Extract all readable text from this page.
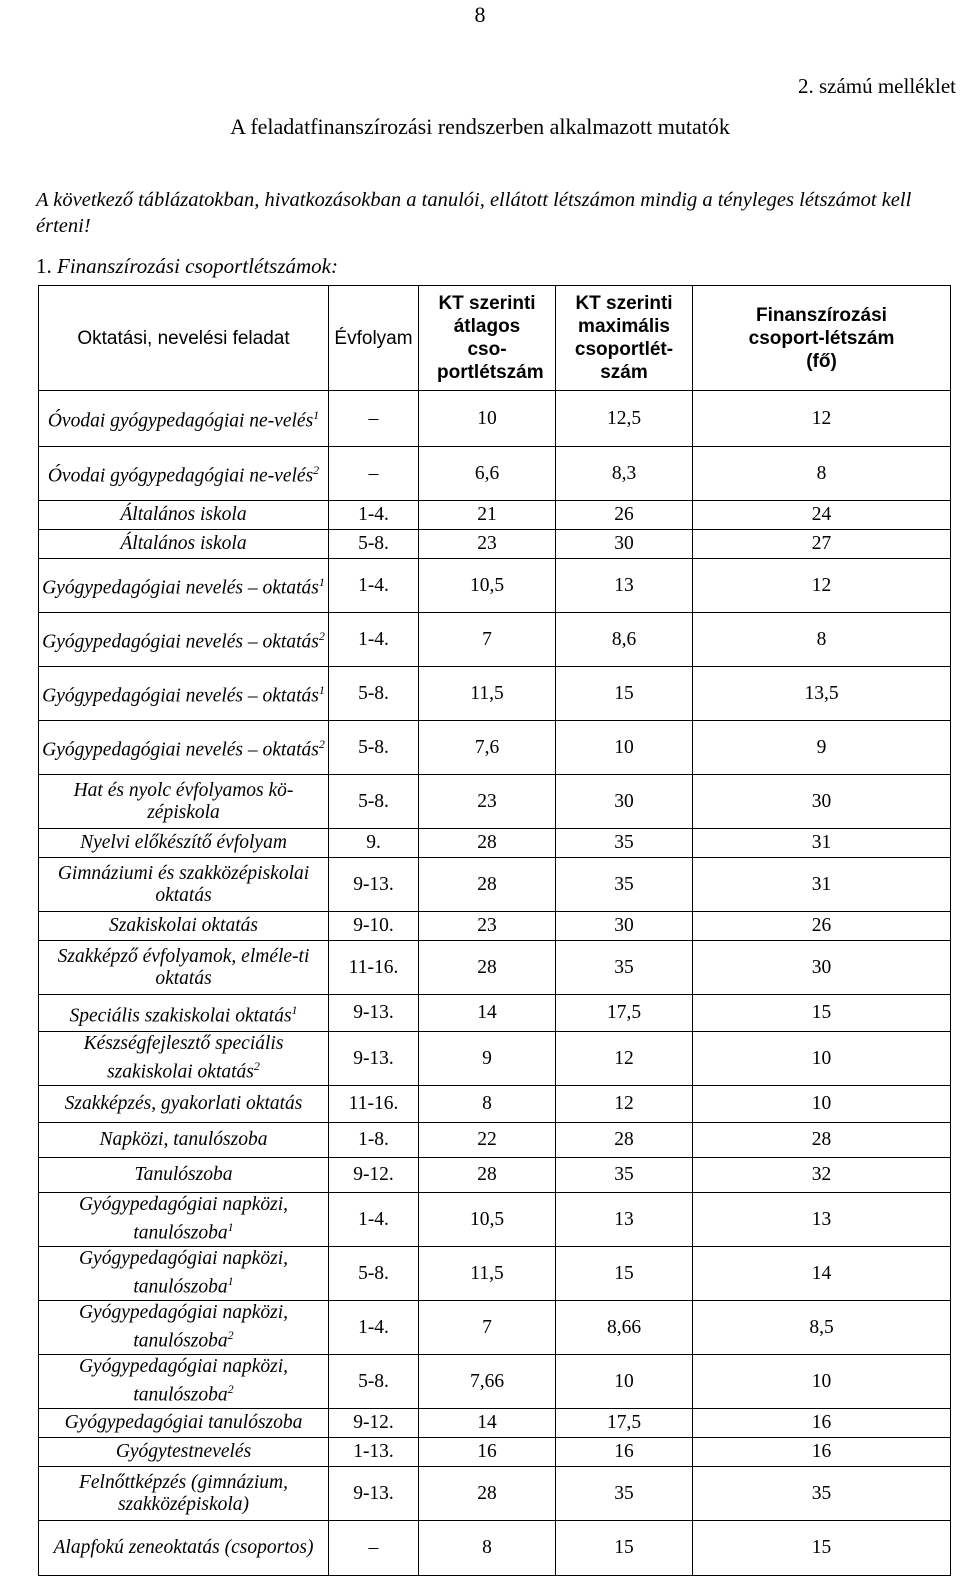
8
2. számú melléklet
A feladatfinanszírozási rendszerben alkalmazott mutatók
A következő táblázatokban, hivatkozásokban a tanulói, ellátott létszámon mindig a tényleges létszámot kell érteni!
1. Finanszírozási csoportlétszámok:
Oktatási, nevelési feladat	Évfolyam	KT szerinti átlagos cso-portlétszám	KT szerinti maximális csoportlét-szám	Finanszírozási csoport-létszám (fő)
Óvodai gyógypedagógiai ne-velés$^1$	–	10	12,5	12
Óvodai gyógypedagógiai ne-velés$^2$	–	6,6	8,3	8
Általános iskola	1-4.	21	26	24
Általános iskola	5-8.	23	30	27
Gyógypedagógiai nevelés – oktatás$^1$	1-4.	10,5	13	12
Gyógypedagógiai nevelés – oktatás$^2$	1-4.	7	8,6	8
Gyógypedagógiai nevelés – oktatás$^1$	5-8.	11,5	15	13,5
Gyógypedagógiai nevelés – oktatás$^2$	5-8.	7,6	10	9
Hat és nyolc évfolyamos kö-zépiskola	5-8.	23	30	30
Nyelvi előkészítő évfolyam	9.	28	35	31
Gimnáziumi és szakközépiskolai oktatás	9-13.	28	35	31
Szakiskolai oktatás	9-10.	23	30	26
Szakképző évfolyamok, elméle-ti oktatás	11-16.	28	35	30
Speciális szakiskolai oktatás$^1$	9-13.	14	17,5	15
Készségfejlesztő speciális szakiskolai oktatás$^2$	9-13.	9	12	10
Szakképzés, gyakorlati oktatás	11-16.	8	12	10
Napközi, tanulószoba	1-8.	22	28	28
Tanulószoba	9-12.	28	35	32
Gyógypedagógiai napközi, tanulószoba$^1$	1-4.	10,5	13	13
Gyógypedagógiai napközi, tanulószoba$^1$	5-8.	11,5	15	14
Gyógypedagógiai napközi, tanulószoba$^2$	1-4.	7	8,66	8,5
Gyógypedagógiai napközi, tanulószoba$^2$	5-8.	7,66	10	10
Gyógypedagógiai tanulószoba	9-12.	14	17,5	16
Gyógytestnevelés	1-13.	16	16	16
Felnőttképzés (gimnázium, szakközépiskola)	9-13.	28	35	35
Alapfokú zeneoktatás (csoportos)	–	8	15	15
